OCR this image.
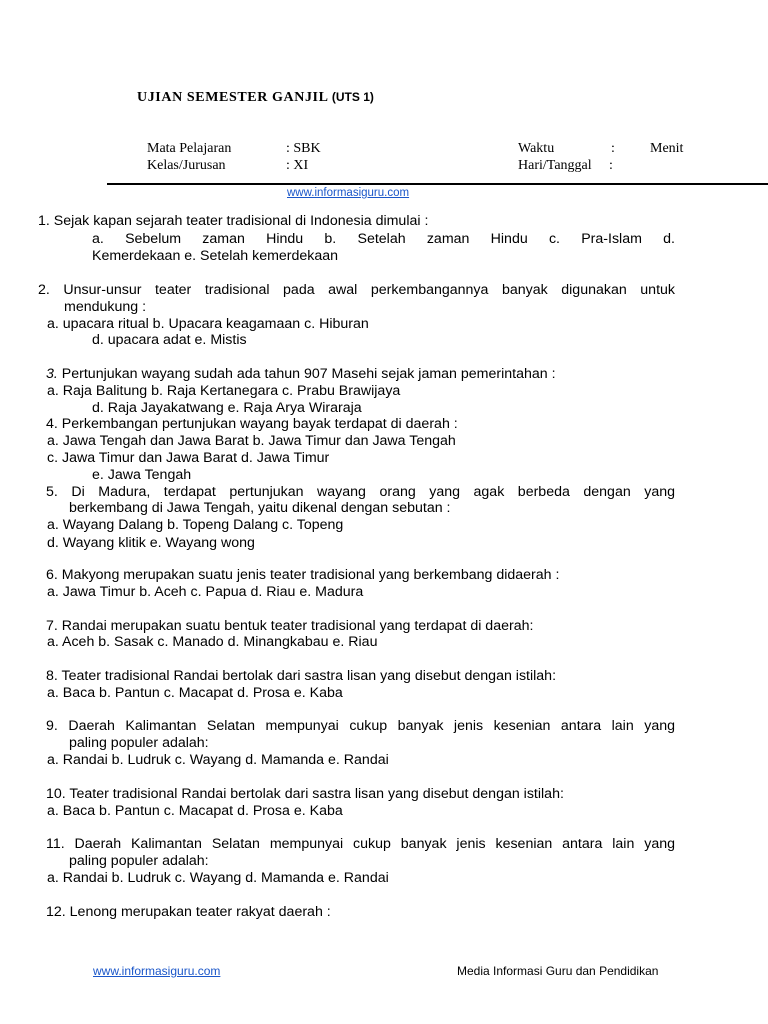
UJIAN SEMESTER GANJIL (UTS 1)
Mata Pelajaran	: SBK
Kelas/Jurusan	: XI
Waktu	:	Menit
Hari/Tanggal :
www.informasiguru.com
1. Sejak kapan sejarah teater tradisional di Indonesia dimulai :
a. Sebelum zaman Hindu b. Setelah zaman Hindu c. Pra-Islam d.
Kemerdekaan e. Setelah kemerdekaan
2. Unsur-unsur teater tradisional pada awal perkembangannya banyak digunakan untuk
mendukung :
a. upacara ritual b. Upacara keagamaan c. Hiburan
d. upacara adat e. Mistis
3. Pertunjukan wayang sudah ada tahun 907 Masehi sejak jaman pemerintahan :
a. Raja Balitung b. Raja Kertanegara c. Prabu Brawijaya
d. Raja Jayakatwang e. Raja Arya Wiraraja
4. Perkembangan pertunjukan wayang bayak terdapat di daerah :
a. Jawa Tengah dan Jawa Barat b. Jawa Timur dan Jawa Tengah
c. Jawa Timur dan Jawa Barat d. Jawa Timur
e. Jawa Tengah
5. Di Madura, terdapat pertunjukan wayang orang yang agak berbeda dengan yang
berkembang di Jawa Tengah, yaitu dikenal dengan sebutan :
a. Wayang Dalang b. Topeng Dalang c. Topeng
d. Wayang klitik e. Wayang wong
6. Makyong merupakan suatu jenis teater tradisional yang berkembang didaerah :
a. Jawa Timur b. Aceh c. Papua d. Riau e. Madura
7. Randai merupakan suatu bentuk teater tradisional yang terdapat di daerah:
a. Aceh b. Sasak c. Manado d. Minangkabau e. Riau
8. Teater tradisional Randai bertolak dari sastra lisan yang disebut dengan istilah:
a. Baca b. Pantun c. Macapat d. Prosa e. Kaba
9. Daerah Kalimantan Selatan mempunyai cukup banyak jenis kesenian antara lain yang
paling populer adalah:
a. Randai b. Ludruk c. Wayang d. Mamanda e. Randai
10. Teater tradisional Randai bertolak dari sastra lisan yang disebut dengan istilah:
a. Baca b. Pantun c. Macapat d. Prosa e. Kaba
11. Daerah Kalimantan Selatan mempunyai cukup banyak jenis kesenian antara lain yang
paling populer adalah:
a. Randai b. Ludruk c. Wayang d. Mamanda e. Randai
12. Lenong merupakan teater rakyat daerah :
www.informasiguru.com	Media Informasi Guru dan Pendidikan
